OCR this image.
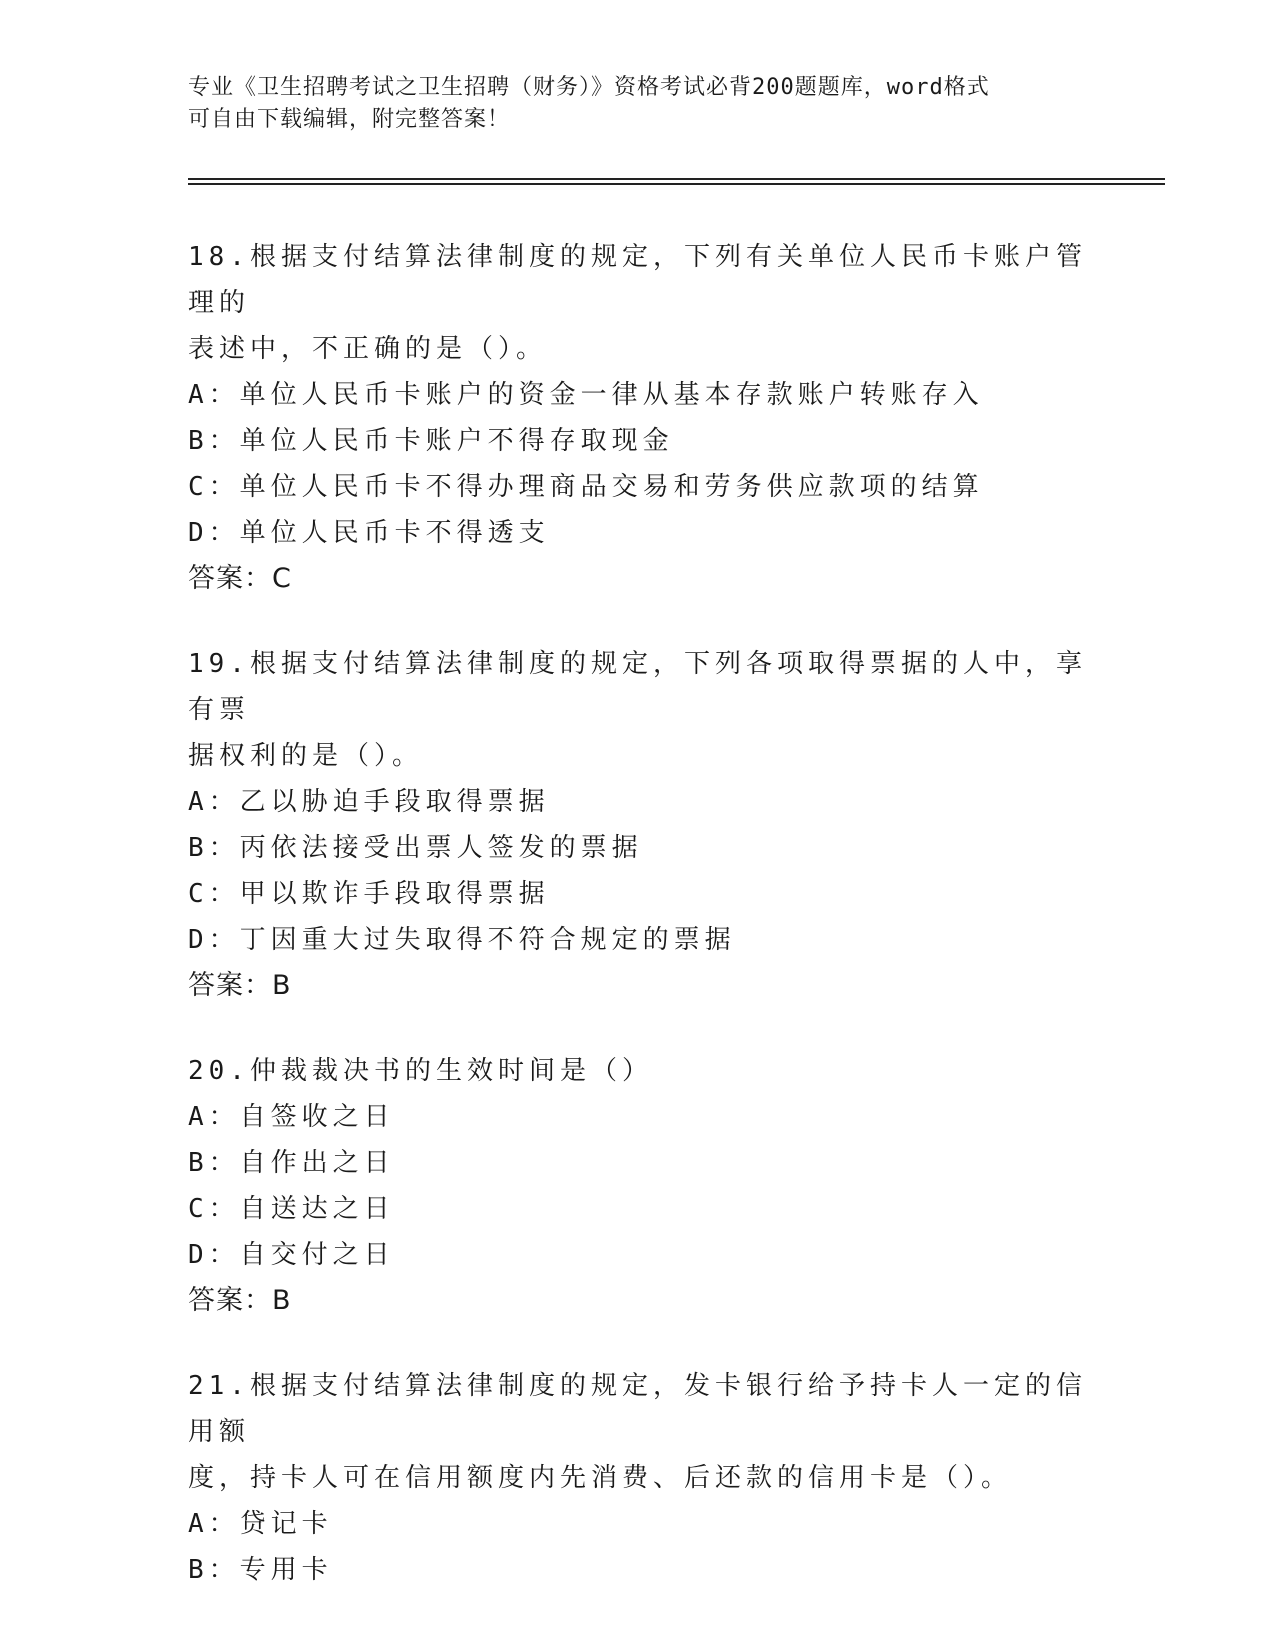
专业《卫生招聘考试之卫生招聘（财务）》资格考试必背200题题库，word格式
可自由下载编辑，附完整答案！
18.根据支付结算法律制度的规定，下列有关单位人民币卡账户管理的
表述中，不正确的是（）。
A：单位人民币卡账户的资金一律从基本存款账户转账存入
B：单位人民币卡账户不得存取现金
C：单位人民币卡不得办理商品交易和劳务供应款项的结算
D：单位人民币卡不得透支
答案：C
19.根据支付结算法律制度的规定，下列各项取得票据的人中，享有票
据权利的是（）。
A：乙以胁迫手段取得票据
B：丙依法接受出票人签发的票据
C：甲以欺诈手段取得票据
D：丁因重大过失取得不符合规定的票据
答案：B
20.仲裁裁决书的生效时间是（）
A：自签收之日
B：自作出之日
C：自送达之日
D：自交付之日
答案：B
21.根据支付结算法律制度的规定，发卡银行给予持卡人一定的信用额
度，持卡人可在信用额度内先消费、后还款的信用卡是（）。
A：贷记卡
B：专用卡
